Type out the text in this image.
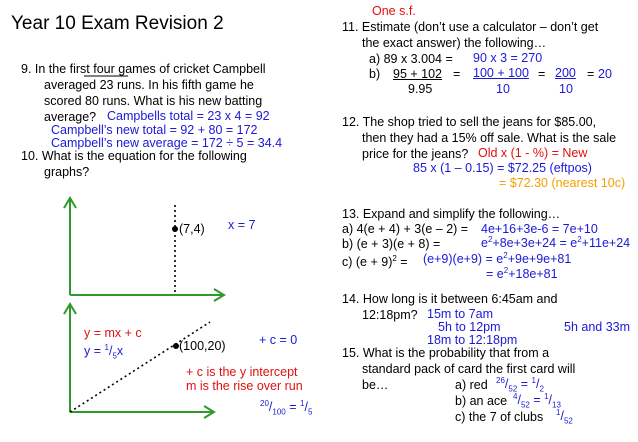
Year 10 Exam Revision 2
9. In the first four games of cricket Campbell
averaged 23 runs. In his fifth game he
scored 80 runs. What is his new batting
average? Campbells total = 23 x 4 = 92
Campbell’s new total = 92 + 80 = 172
Campbell’s new average = 172 ÷ 5 = 34.4
10. What is the equation for the following
graphs?
(7,4) x = 7
y = mx + c
$y = ^1/_5x$	(100,20)	+ c = 0
+ c is the y intercept
m is the rise over run
$^{20}/_{100} = ^1/_5$
One s.f.
11. Estimate (don’t use a calculator – don’t get
the exact answer) the following…
a) 89 x 3.004 = 90 x 3 = 270
b) 95 + 102 = 100 + 100 = 200 = 20
9.95	10	10
12. The shop tried to sell the jeans for $85.00,
then they had a 15% off sale. What is the sale
price for the jeans? Old x (1 - %) = New
85 x (1 – 0.15) = $72.25 (eftpos)
= $72.30 (nearest 10c)
13. Expand and simplify the following…
a) 4(e + 4) + 3(e – 2) = 4e+16+3e-6 = 7e+10
b) (e + 3)(e + 8) =	$e^2+8e+3e+24 = e^2+11e+24$
c) $(e + 9)^2 = (e+9)(e+9) = e^2+9e+9e+81$
= $e^2+18e+81$
14. How long is it between 6:45am and
12:18pm? 15m to 7am
5h to 12pm
18m to 12:18pm
5h and 33m
15. What is the probability that from a
standard pack of card the first card will
be…	a) red $^{26}/_{52} = ^1/_2$
b) an ace $^4/_{52} = ^1/_{13}$
c) the 7 of clubs $^1/_{52}$
